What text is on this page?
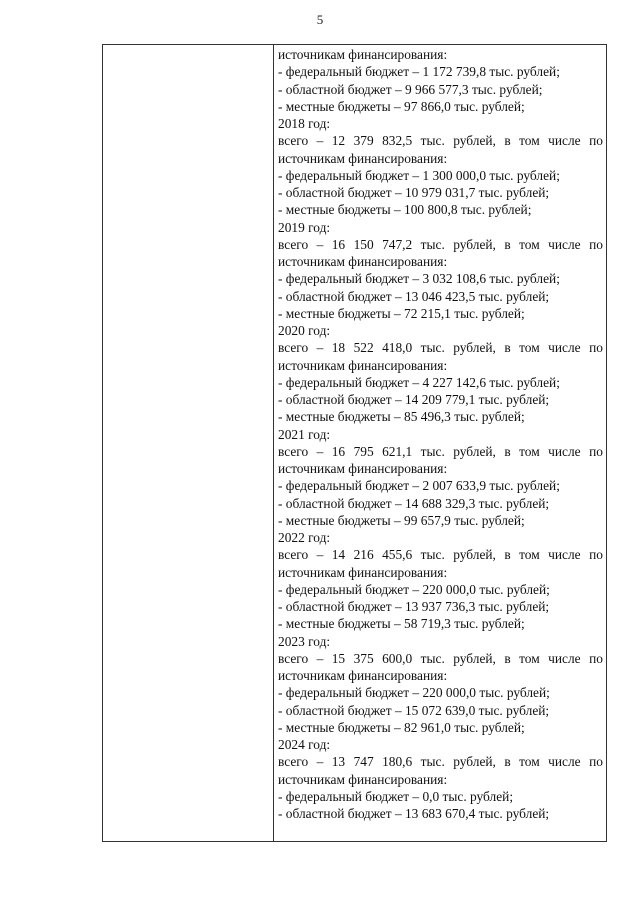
5
источникам финансирования:
- федеральный бюджет – 1 172 739,8 тыс. рублей;
- областной бюджет – 9 966 577,3 тыс. рублей;
- местные бюджеты – 97 866,0 тыс. рублей;
2018 год:
всего – 12 379 832,5 тыс. рублей, в том числе по
источникам финансирования:
- федеральный бюджет – 1 300 000,0 тыс. рублей;
- областной бюджет – 10 979 031,7 тыс. рублей;
- местные бюджеты – 100 800,8 тыс. рублей;
2019 год:
всего – 16 150 747,2 тыс. рублей, в том числе по
источникам финансирования:
- федеральный бюджет – 3 032 108,6 тыс. рублей;
- областной бюджет – 13 046 423,5 тыс. рублей;
- местные бюджеты – 72 215,1 тыс. рублей;
2020 год:
всего – 18 522 418,0 тыс. рублей, в том числе по
источникам финансирования:
- федеральный бюджет – 4 227 142,6 тыс. рублей;
- областной бюджет – 14 209 779,1 тыс. рублей;
- местные бюджеты – 85 496,3 тыс. рублей;
2021 год:
всего – 16 795 621,1 тыс. рублей, в том числе по
источникам финансирования:
- федеральный бюджет – 2 007 633,9 тыс. рублей;
- областной бюджет – 14 688 329,3 тыс. рублей;
- местные бюджеты – 99 657,9 тыс. рублей;
2022 год:
всего – 14 216 455,6 тыс. рублей, в том числе по
источникам финансирования:
- федеральный бюджет – 220 000,0 тыс. рублей;
- областной бюджет – 13 937 736,3 тыс. рублей;
- местные бюджеты – 58 719,3 тыс. рублей;
2023 год:
всего – 15 375 600,0 тыс. рублей, в том числе по
источникам финансирования:
- федеральный бюджет – 220 000,0 тыс. рублей;
- областной бюджет – 15 072 639,0 тыс. рублей;
- местные бюджеты – 82 961,0 тыс. рублей;
2024 год:
всего – 13 747 180,6 тыс. рублей, в том числе по
источникам финансирования:
- федеральный бюджет – 0,0 тыс. рублей;
- областной бюджет – 13 683 670,4 тыс. рублей;
